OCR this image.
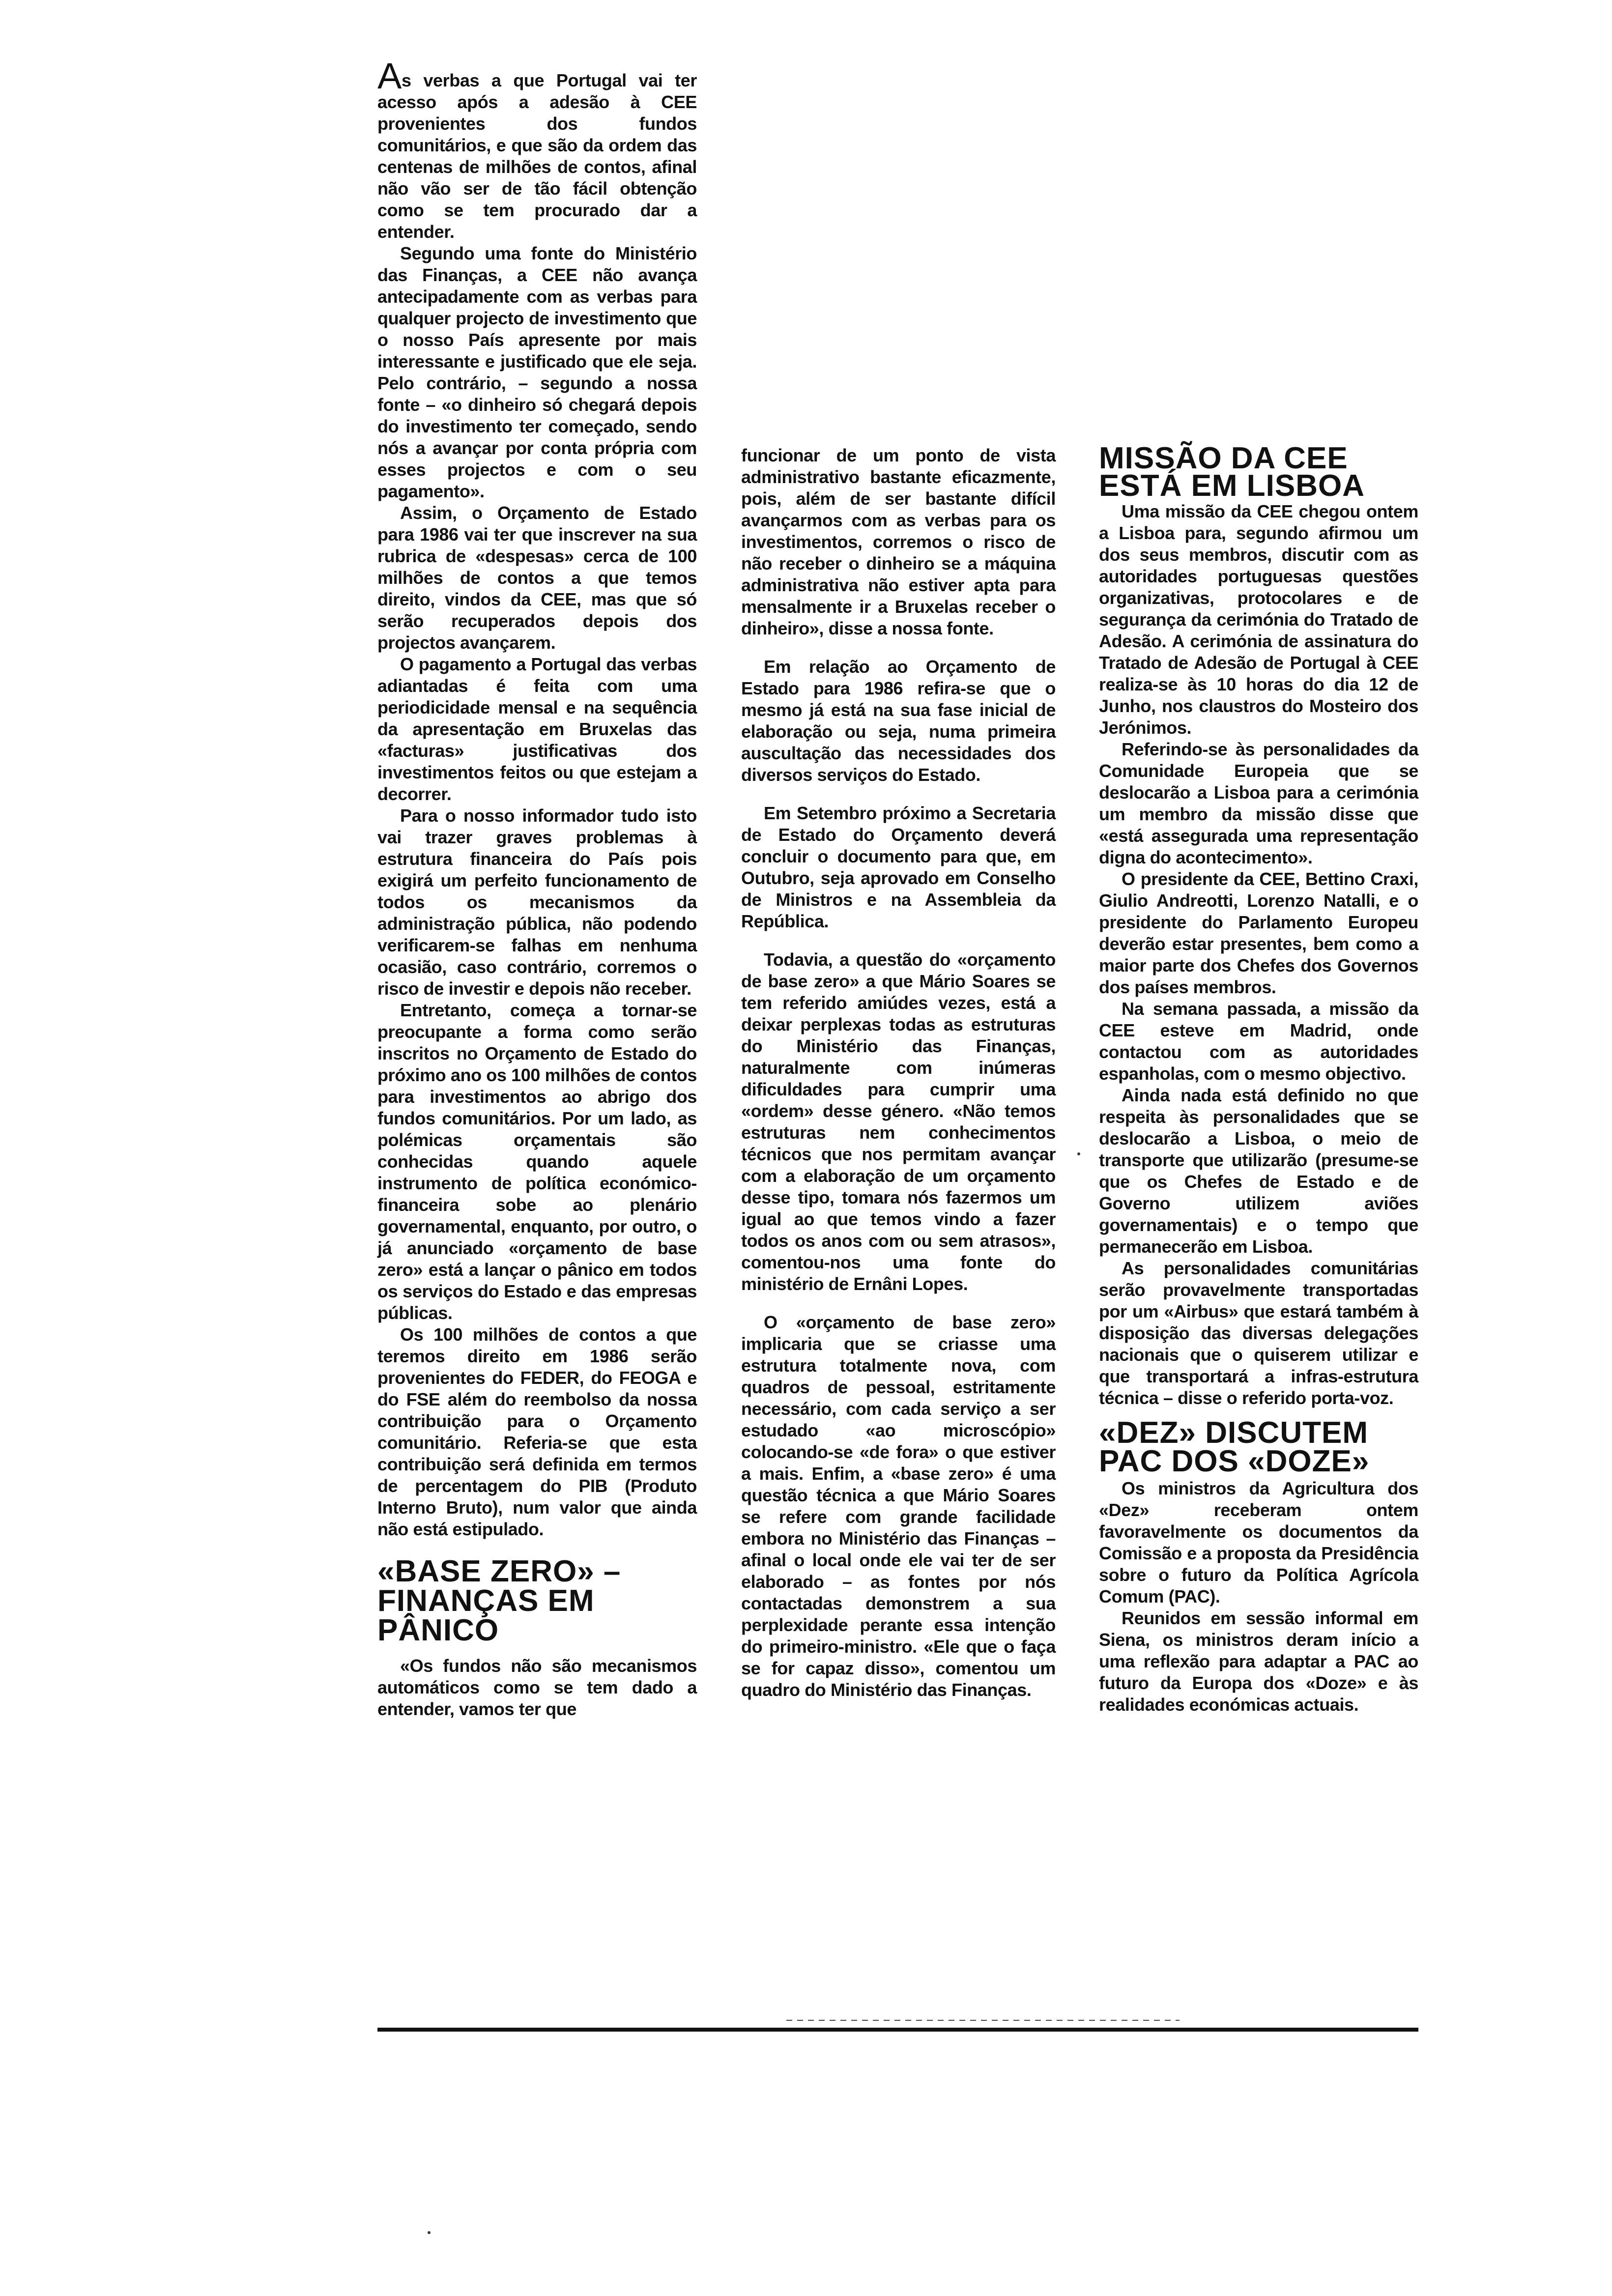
As verbas a que Portugal vai ter acesso após a adesão à CEE provenientes dos fundos comunitários, e que são da ordem das centenas de milhões de contos, afinal não vão ser de tão fácil obtenção como se tem procurado dar a entender.

Segundo uma fonte do Ministério das Finanças, a CEE não avança antecipadamente com as verbas para qualquer projecto de investimento que o nosso País apresente por mais interessante e justificado que ele seja. Pelo contrário, – segundo a nossa fonte – «o dinheiro só chegará depois do investimento ter começado, sendo nós a avançar por conta própria com esses projectos e com o seu pagamento».

Assim, o Orçamento de Estado para 1986 vai ter que inscrever na sua rubrica de «despesas» cerca de 100 milhões de contos a que temos direito, vindos da CEE, mas que só serão recuperados depois dos projectos avançarem.

O pagamento a Portugal das verbas adiantadas é feita com uma periodicidade mensal e na sequência da apresentação em Bruxelas das «facturas» justificativas dos investimentos feitos ou que estejam a decorrer.

Para o nosso informador tudo isto vai trazer graves problemas à estrutura financeira do País pois exigirá um perfeito funcionamento de todos os mecanismos da administração pública, não podendo verificarem-se falhas em nenhuma ocasião, caso contrário, corremos o risco de investir e depois não receber.

Entretanto, começa a tornar-se preocupante a forma como serão inscritos no Orçamento de Estado do próximo ano os 100 milhões de contos para investimentos ao abrigo dos fundos comunitários. Por um lado, as polémicas orçamentais são conhecidas quando aquele instrumento de política económico-financeira sobe ao plenário governamental, enquanto, por outro, o já anunciado «orçamento de base zero» está a lançar o pânico em todos os serviços do Estado e das empresas públicas.

Os 100 milhões de contos a que teremos direito em 1986 serão provenientes do FEDER, do FEOGA e do FSE além do reembolso da nossa contribuição para o Orçamento comunitário. Referia-se que esta contribuição será definida em termos de percentagem do PIB (Produto Interno Bruto), num valor que ainda não está estipulado.

«BASE ZERO» – FINANÇAS EM PÂNICO

«Os fundos não são mecanismos automáticos como se tem dado a entender, vamos ter que

funcionar de um ponto de vista administrativo bastante eficazmente, pois, além de ser bastante difícil avançarmos com as verbas para os investimentos, corremos o risco de não receber o dinheiro se a máquina administrativa não estiver apta para mensalmente ir a Bruxelas receber o dinheiro», disse a nossa fonte.

Em relação ao Orçamento de Estado para 1986 refira-se que o mesmo já está na sua fase inicial de elaboração ou seja, numa primeira auscultação das necessidades dos diversos serviços do Estado.

Em Setembro próximo a Secretaria de Estado do Orçamento deverá concluir o documento para que, em Outubro, seja aprovado em Conselho de Ministros e na Assembleia da República.

Todavia, a questão do «orçamento de base zero» a que Mário Soares se tem referido amiúdes vezes, está a deixar perplexas todas as estruturas do Ministério das Finanças, naturalmente com inúmeras dificuldades para cumprir uma «ordem» desse género. «Não temos estruturas nem conhecimentos técnicos que nos permitam avançar com a elaboração de um orçamento desse tipo, tomara nós fazermos um igual ao que temos vindo a fazer todos os anos com ou sem atrasos», comentou-nos uma fonte do ministério de Ernâni Lopes.

O «orçamento de base zero» implicaria que se criasse uma estrutura totalmente nova, com quadros de pessoal, estritamente necessário, com cada serviço a ser estudado «ao microscópio» colocando-se «de fora» o que estiver a mais. Enfim, a «base zero» é uma questão técnica a que Mário Soares se refere com grande facilidade embora no Ministério das Finanças – afinal o local onde ele vai ter de ser elaborado – as fontes por nós contactadas demonstrem a sua perplexidade perante essa intenção do primeiro-ministro. «Ele que o faça se for capaz disso», comentou um quadro do Ministério das Finanças.

MISSÃO DA CEE ESTÁ EM LISBOA

Uma missão da CEE chegou ontem a Lisboa para, segundo afirmou um dos seus membros, discutir com as autoridades portuguesas questões organizativas, protocolares e de segurança da cerimónia do Tratado de Adesão. A cerimónia de assinatura do Tratado de Adesão de Portugal à CEE realiza-se às 10 horas do dia 12 de Junho, nos claustros do Mosteiro dos Jerónimos.

Referindo-se às personalidades da Comunidade Europeia que se deslocarão a Lisboa para a cerimónia um membro da missão disse que «está assegurada uma representação digna do acontecimento».

O presidente da CEE, Bettino Craxi, Giulio Andreotti, Lorenzo Natalli, e o presidente do Parlamento Europeu deverão estar presentes, bem como a maior parte dos Chefes dos Governos dos países membros.

Na semana passada, a missão da CEE esteve em Madrid, onde contactou com as autoridades espanholas, com o mesmo objectivo.

Ainda nada está definido no que respeita às personalidades que se deslocarão a Lisboa, o meio de transporte que utilizarão (presume-se que os Chefes de Estado e de Governo utilizem aviões governamentais) e o tempo que permanecerão em Lisboa.

As personalidades comunitárias serão provavelmente transportadas por um «Airbus» que estará também à disposição das diversas delegações nacionais que o quiserem utilizar e que transportará a infras-estrutura técnica – disse o referido porta-voz.

«DEZ» DISCUTEM PAC DOS «DOZE»

Os ministros da Agricultura dos «Dez» receberam ontem favoravelmente os documentos da Comissão e a proposta da Presidência sobre o futuro da Política Agrícola Comum (PAC).

Reunidos em sessão informal em Siena, os ministros deram início a uma reflexão para adaptar a PAC ao futuro da Europa dos «Doze» e às realidades económicas actuais.
